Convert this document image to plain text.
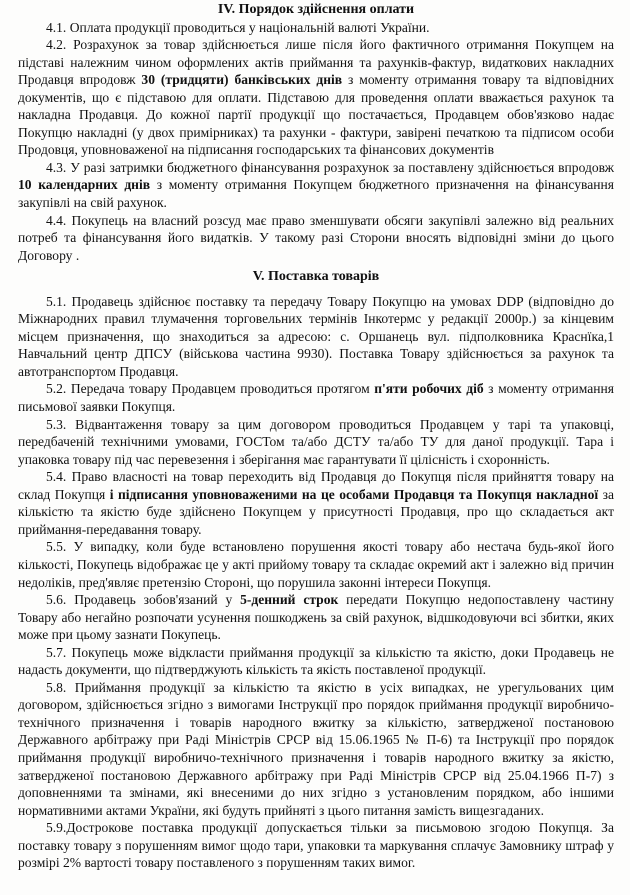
IV. Порядок здійснення оплати

4.1. Оплата продукції проводиться у національній валюті України.

4.2. Розрахунок за товар здійснюється лише після його фактичного отримання Покупцем на підставі належним чином оформлених актів приймання та рахунків-фактур, видаткових накладних Продавця впродовж 30 (тридцяти) банківських днів з моменту отримання товару та відповідних документів, що є підставою для оплати. Підставою для проведення оплати вважається рахунок та накладна Продавця. До кожної партії продукції що постачається, Продавцем обов'язково надає Покупцю накладні (у двох примірниках) та рахунки - фактури, завірені печаткою та підписом особи Продовця, уповноваженої на підписання господарських та фінансових документів

4.3. У разі затримки бюджетного фінансування розрахунок за поставлену здійснюється впродовж 10 календарних днів з моменту отримання Покупцем бюджетного призначення на фінансування закупівлі на свій рахунок.

4.4. Покупець на власний розсуд має право зменшувати обсяги закупівлі залежно від реальних потреб та фінансування його видатків. У такому разі Сторони вносять відповідні зміни до цього Договору .

V. Поставка товарів

5.1. Продавець здійснює поставку та передачу Товару Покупцю на умовах DDP (відповідно до Міжнародних правил тлумачення торговельних термінів Інкотермс у редакції 2000р.) за кінцевим місцем призначення, що знаходиться за адресою: с. Оршанець вул. підполковника Краснїка,1 Навчальний центр ДПСУ (військова частина 9930). Поставка Товару здійснюється за рахунок та автотранспортом Продавця.

5.2. Передача товару Продавцем проводиться протягом п'яти робочих діб з моменту отримання письмової заявки Покупця.

5.3. Відвантаження товару за цим договором проводиться Продавцем у тарі та упаковці, передбаченій технічними умовами, ГОСТом та/або ДСТУ та/або ТУ для даної продукції. Тара і упаковка товару під час перевезення і зберігання має гарантувати її цілісність і схоронність.

5.4. Право власності на товар переходить від Продавця до Покупця після прийняття товару на склад Покупця і підписання уповноваженими на це особами Продавця та Покупця накладної за кількістю та якістю буде здійснено Покупцем у присутності Продавця, про що складається акт приймання-передавання товару.

5.5. У випадку, коли буде встановлено порушення якості товару або нестача будь-якої його кількості, Покупець відображає це у акті прийому товару та складає окремий акт і залежно від причин недоліків, пред'являє претензію Стороні, що порушила законні інтереси Покупця.

5.6. Продавець зобов'язаний у 5-денний строк передати Покупцю недопоставлену частину Товару або негайно розпочати усунення пошкоджень за свій рахунок, відшкодовуючи всі збитки, яких може при цьому зазнати Покупець.

5.7. Покупець може відкласти приймання продукції за кількістю та якістю, доки Продавець не надасть документи, що підтверджують кількість та якість поставленої продукції.

5.8. Приймання продукції за кількістю та якістю в усіх випадках, не урегульованих цим договором, здійснюється згідно з вимогами Інструкції про порядок приймання продукції виробничо-технічного призначення і товарів народного вжитку за кількістю, затвердженої постановою Державного арбітражу при Раді Міністрів СРСР від 15.06.1965 № П-6) та Інструкції про порядок приймання продукції виробничо-технічного призначення і товарів народного вжитку за якістю, затвердженої постановою Державного арбітражу при Раді Міністрів СРСР від 25.04.1966 П-7) з доповненнями та змінами, які внесеними до них згідно з установленим порядком, або іншими нормативними актами України, які будуть прийняті з цього питання замість вищезгаданих.

5.9.Дострокове поставка продукції допускається тільки за письмовою згодою Покупця. За поставку товару з порушенням вимог щодо тари, упаковки та маркування сплачує Замовнику штраф у розмірі 2% вартості товару поставленого з порушенням таких вимог.
